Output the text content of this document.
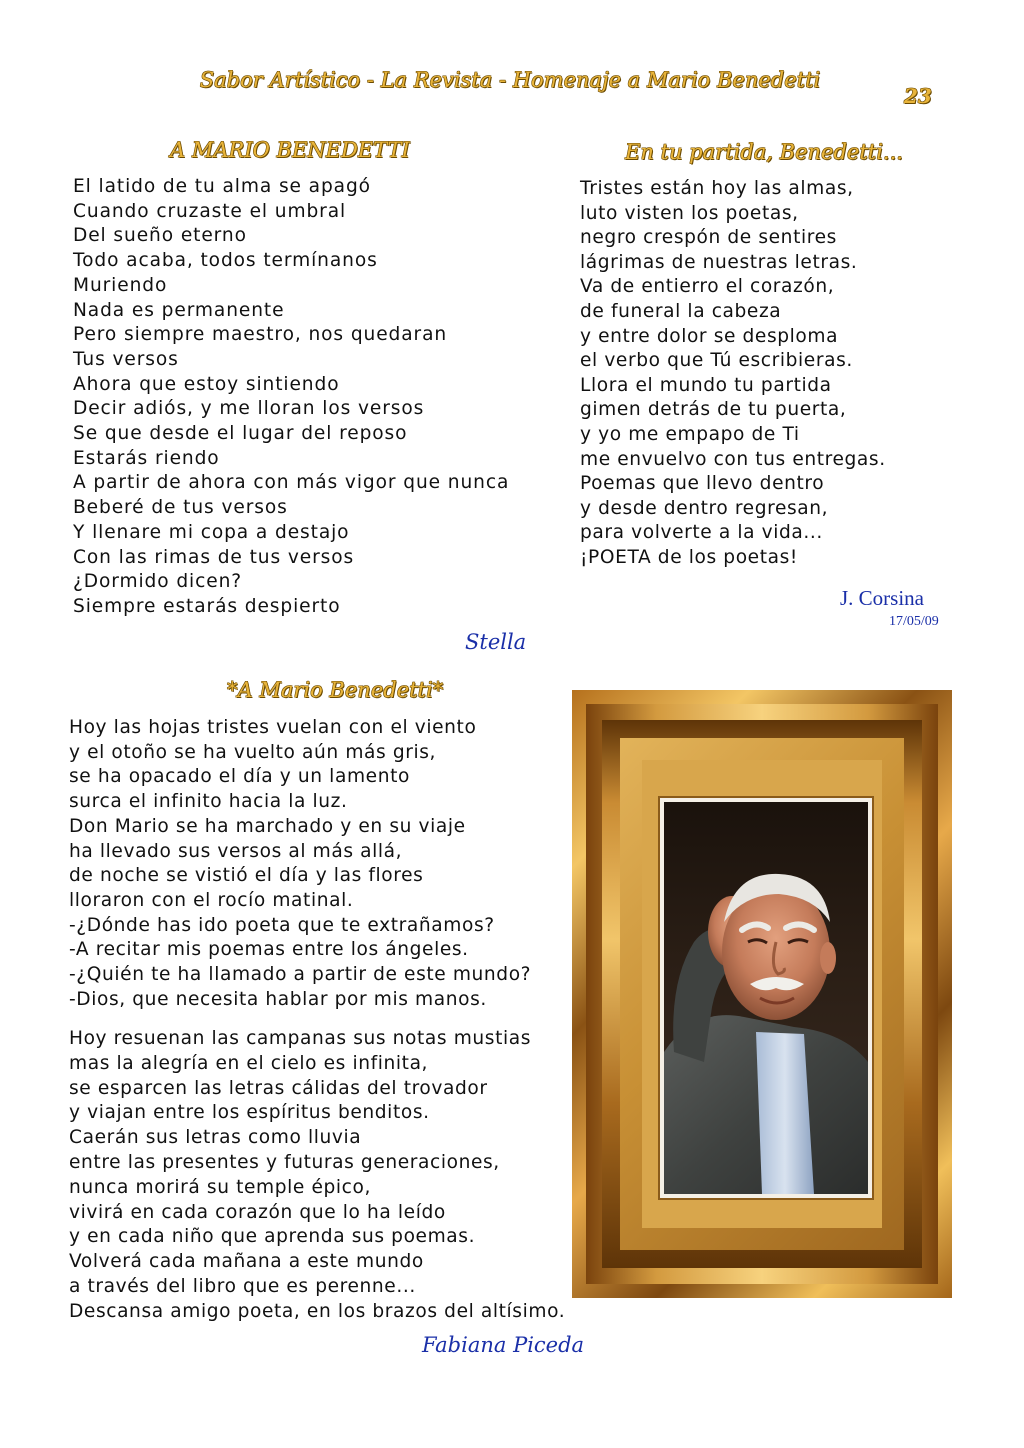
Sabor Artístico - La Revista - Homenaje a Mario Benedetti
23
A MARIO BENEDETTI
El latido de tu alma se apagó
Cuando cruzaste el umbral
Del sueño eterno
Todo acaba, todos termínanos
Muriendo
Nada es permanente
Pero siempre maestro, nos quedaran
Tus versos
Ahora que estoy sintiendo
Decir adiós, y me lloran los versos
Se que desde el lugar del reposo
Estarás riendo
A partir de ahora con más vigor que nunca
Beberé de tus versos
Y llenare mi copa a destajo
Con las rimas de tus versos
¿Dormido dicen?
Siempre estarás despierto
Stella
En tu partida, Benedetti...
Tristes están hoy las almas,
luto visten los poetas,
negro crespón de sentires
lágrimas de nuestras letras.
Va de entierro el corazón,
de funeral la cabeza
y entre dolor se desploma
el verbo que Tú escribieras.
Llora el mundo tu partida
gimen detrás de tu puerta,
y yo me empapo de Ti
me envuelvo con tus entregas.
Poemas que llevo dentro
y desde dentro regresan,
para volverte a la vida...
¡POETA de los poetas!
J. Corsina
17/05/09
*A Mario Benedetti*
Hoy las hojas tristes vuelan con el viento
y el otoño se ha vuelto aún más gris,
se ha opacado el día y un lamento
surca el infinito hacia la luz.
Don Mario se ha marchado y en su viaje
ha llevado sus versos al más allá,
de noche se vistió el día y las flores
lloraron con el rocío matinal.
-¿Dónde has ido poeta que te extrañamos?
-A recitar mis poemas entre los ángeles.
-¿Quién te ha llamado a partir de este mundo?
-Dios, que necesita hablar por mis manos.
Hoy resuenan las campanas sus notas mustias
mas la alegría en el cielo es infinita,
se esparcen las letras cálidas del trovador
y viajan entre los espíritus benditos.
Caerán sus letras como lluvia
entre las presentes y futuras generaciones,
nunca morirá su temple épico,
vivirá en cada corazón que lo ha leído
y en cada niño que aprenda sus poemas.
Volverá cada mañana a este mundo
a través del libro que es perenne...
Descansa amigo poeta, en los brazos del altísimo.
Fabiana Piceda
